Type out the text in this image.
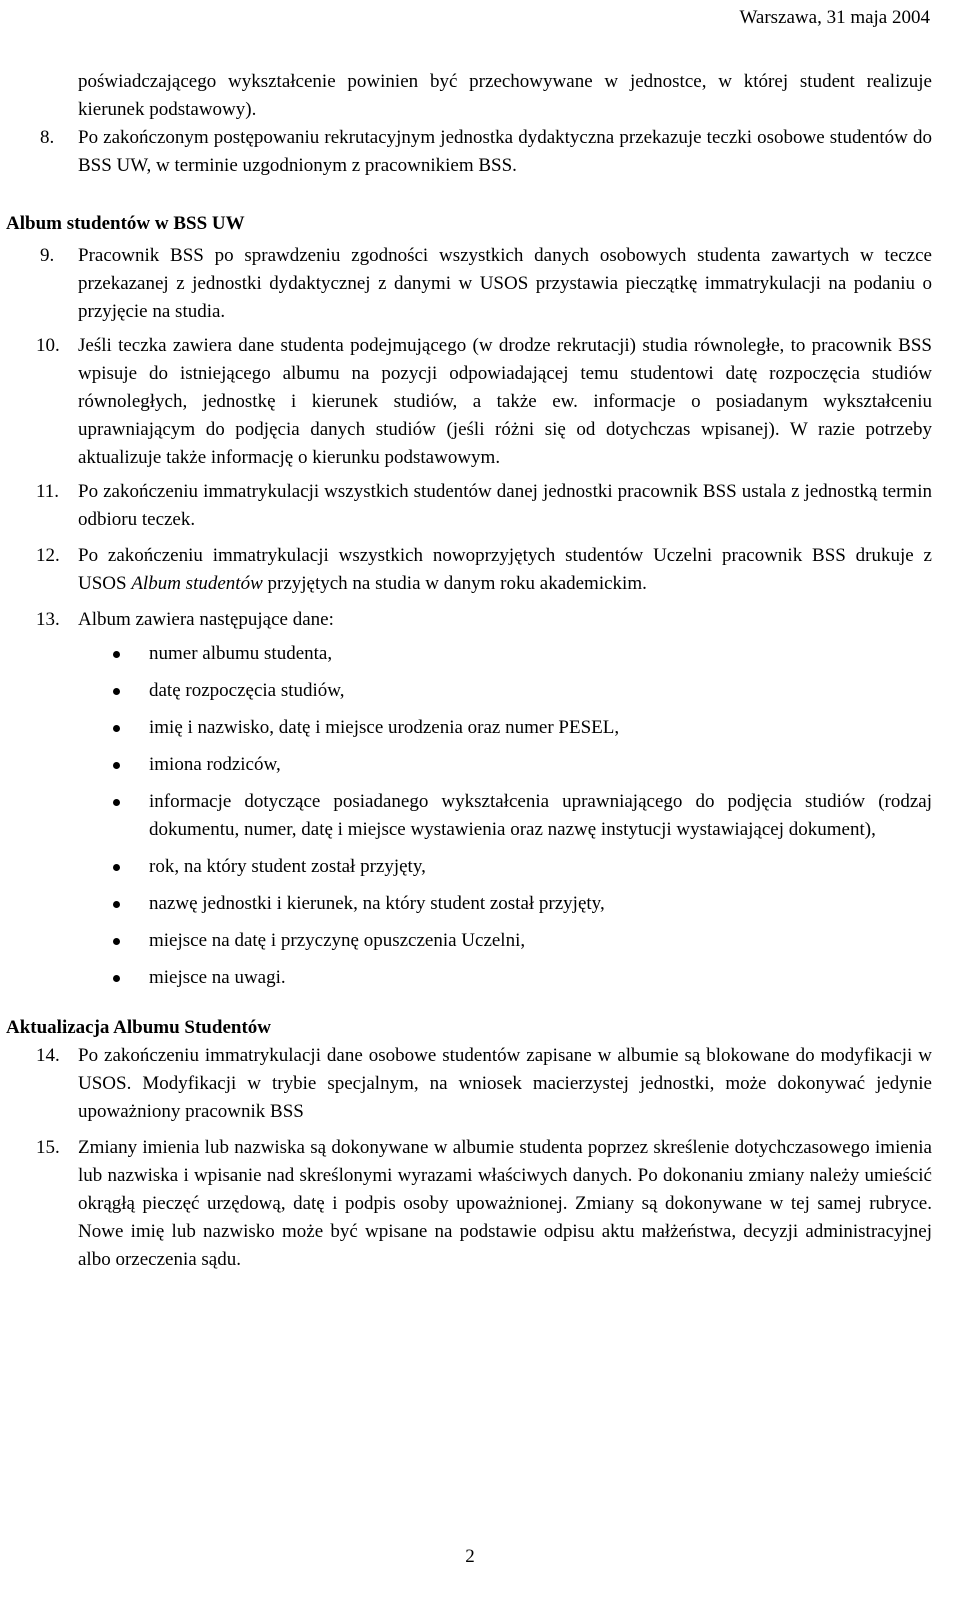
Warszawa, 31 maja 2004

poświadczającego wykształcenie powinien być przechowywane w jednostce, w której student realizuje kierunek podstawowy).

8. Po zakończonym postępowaniu rekrutacyjnym jednostka dydaktyczna przekazuje teczki osobowe studentów do BSS UW, w terminie uzgodnionym z pracownikiem BSS.
Album studentów w BSS UW
9. Pracownik BSS po sprawdzeniu zgodności wszystkich danych osobowych studenta zawartych w teczce przekazanej z jednostki dydaktycznej z danymi w USOS przystawia pieczątkę immatrykulacji na podaniu o przyjęcie na studia.
10. Jeśli teczka zawiera dane studenta podejmującego (w drodze rekrutacji) studia równoległe, to pracownik BSS wpisuje do istniejącego albumu na pozycji odpowiadającej temu studentowi datę rozpoczęcia studiów równoległych, jednostkę i kierunek studiów, a także ew. informacje o posiadanym wykształceniu uprawniającym do podjęcia danych studiów (jeśli różni się od dotychczas wpisanej). W razie potrzeby aktualizuje także informację o kierunku podstawowym.
11. Po zakończeniu immatrykulacji wszystkich studentów danej jednostki pracownik BSS ustala z jednostką termin odbioru teczek.
12. Po zakończeniu immatrykulacji wszystkich nowoprzyjętych studentów Uczelni pracownik BSS drukuje z USOS Album studentów przyjętych na studia w danym roku akademickim.
13. Album zawiera następujące dane:
numer albumu studenta,
datę rozpoczęcia studiów,
imię i nazwisko, datę i miejsce urodzenia oraz numer PESEL,
imiona rodziców,
informacje dotyczące posiadanego wykształcenia uprawniającego do podjęcia studiów (rodzaj dokumentu, numer, datę i miejsce wystawienia oraz nazwę instytucji wystawiającej dokument),
rok, na który student został przyjęty,
nazwę jednostki i kierunek, na który student został przyjęty,
miejsce na datę i przyczynę opuszczenia Uczelni,
miejsce na uwagi.
Aktualizacja Albumu Studentów
14. Po zakończeniu immatrykulacji dane osobowe studentów zapisane w albumie są blokowane do modyfikacji w USOS. Modyfikacji w trybie specjalnym, na wniosek macierzystej jednostki, może dokonywać jedynie upoważniony pracownik BSS
15. Zmiany imienia lub nazwiska są dokonywane w albumie studenta poprzez skreślenie dotychczasowego imienia lub nazwiska i wpisanie nad skreślonymi wyrazami właściwych danych. Po dokonaniu zmiany należy umieścić okrągłą pieczęć urzędową, datę i podpis osoby upoważnionej. Zmiany są dokonywane w tej samej rubryce. Nowe imię lub nazwisko może być wpisane na podstawie odpisu aktu małżeństwa, decyzji administracyjnej albo orzeczenia sądu.
2
